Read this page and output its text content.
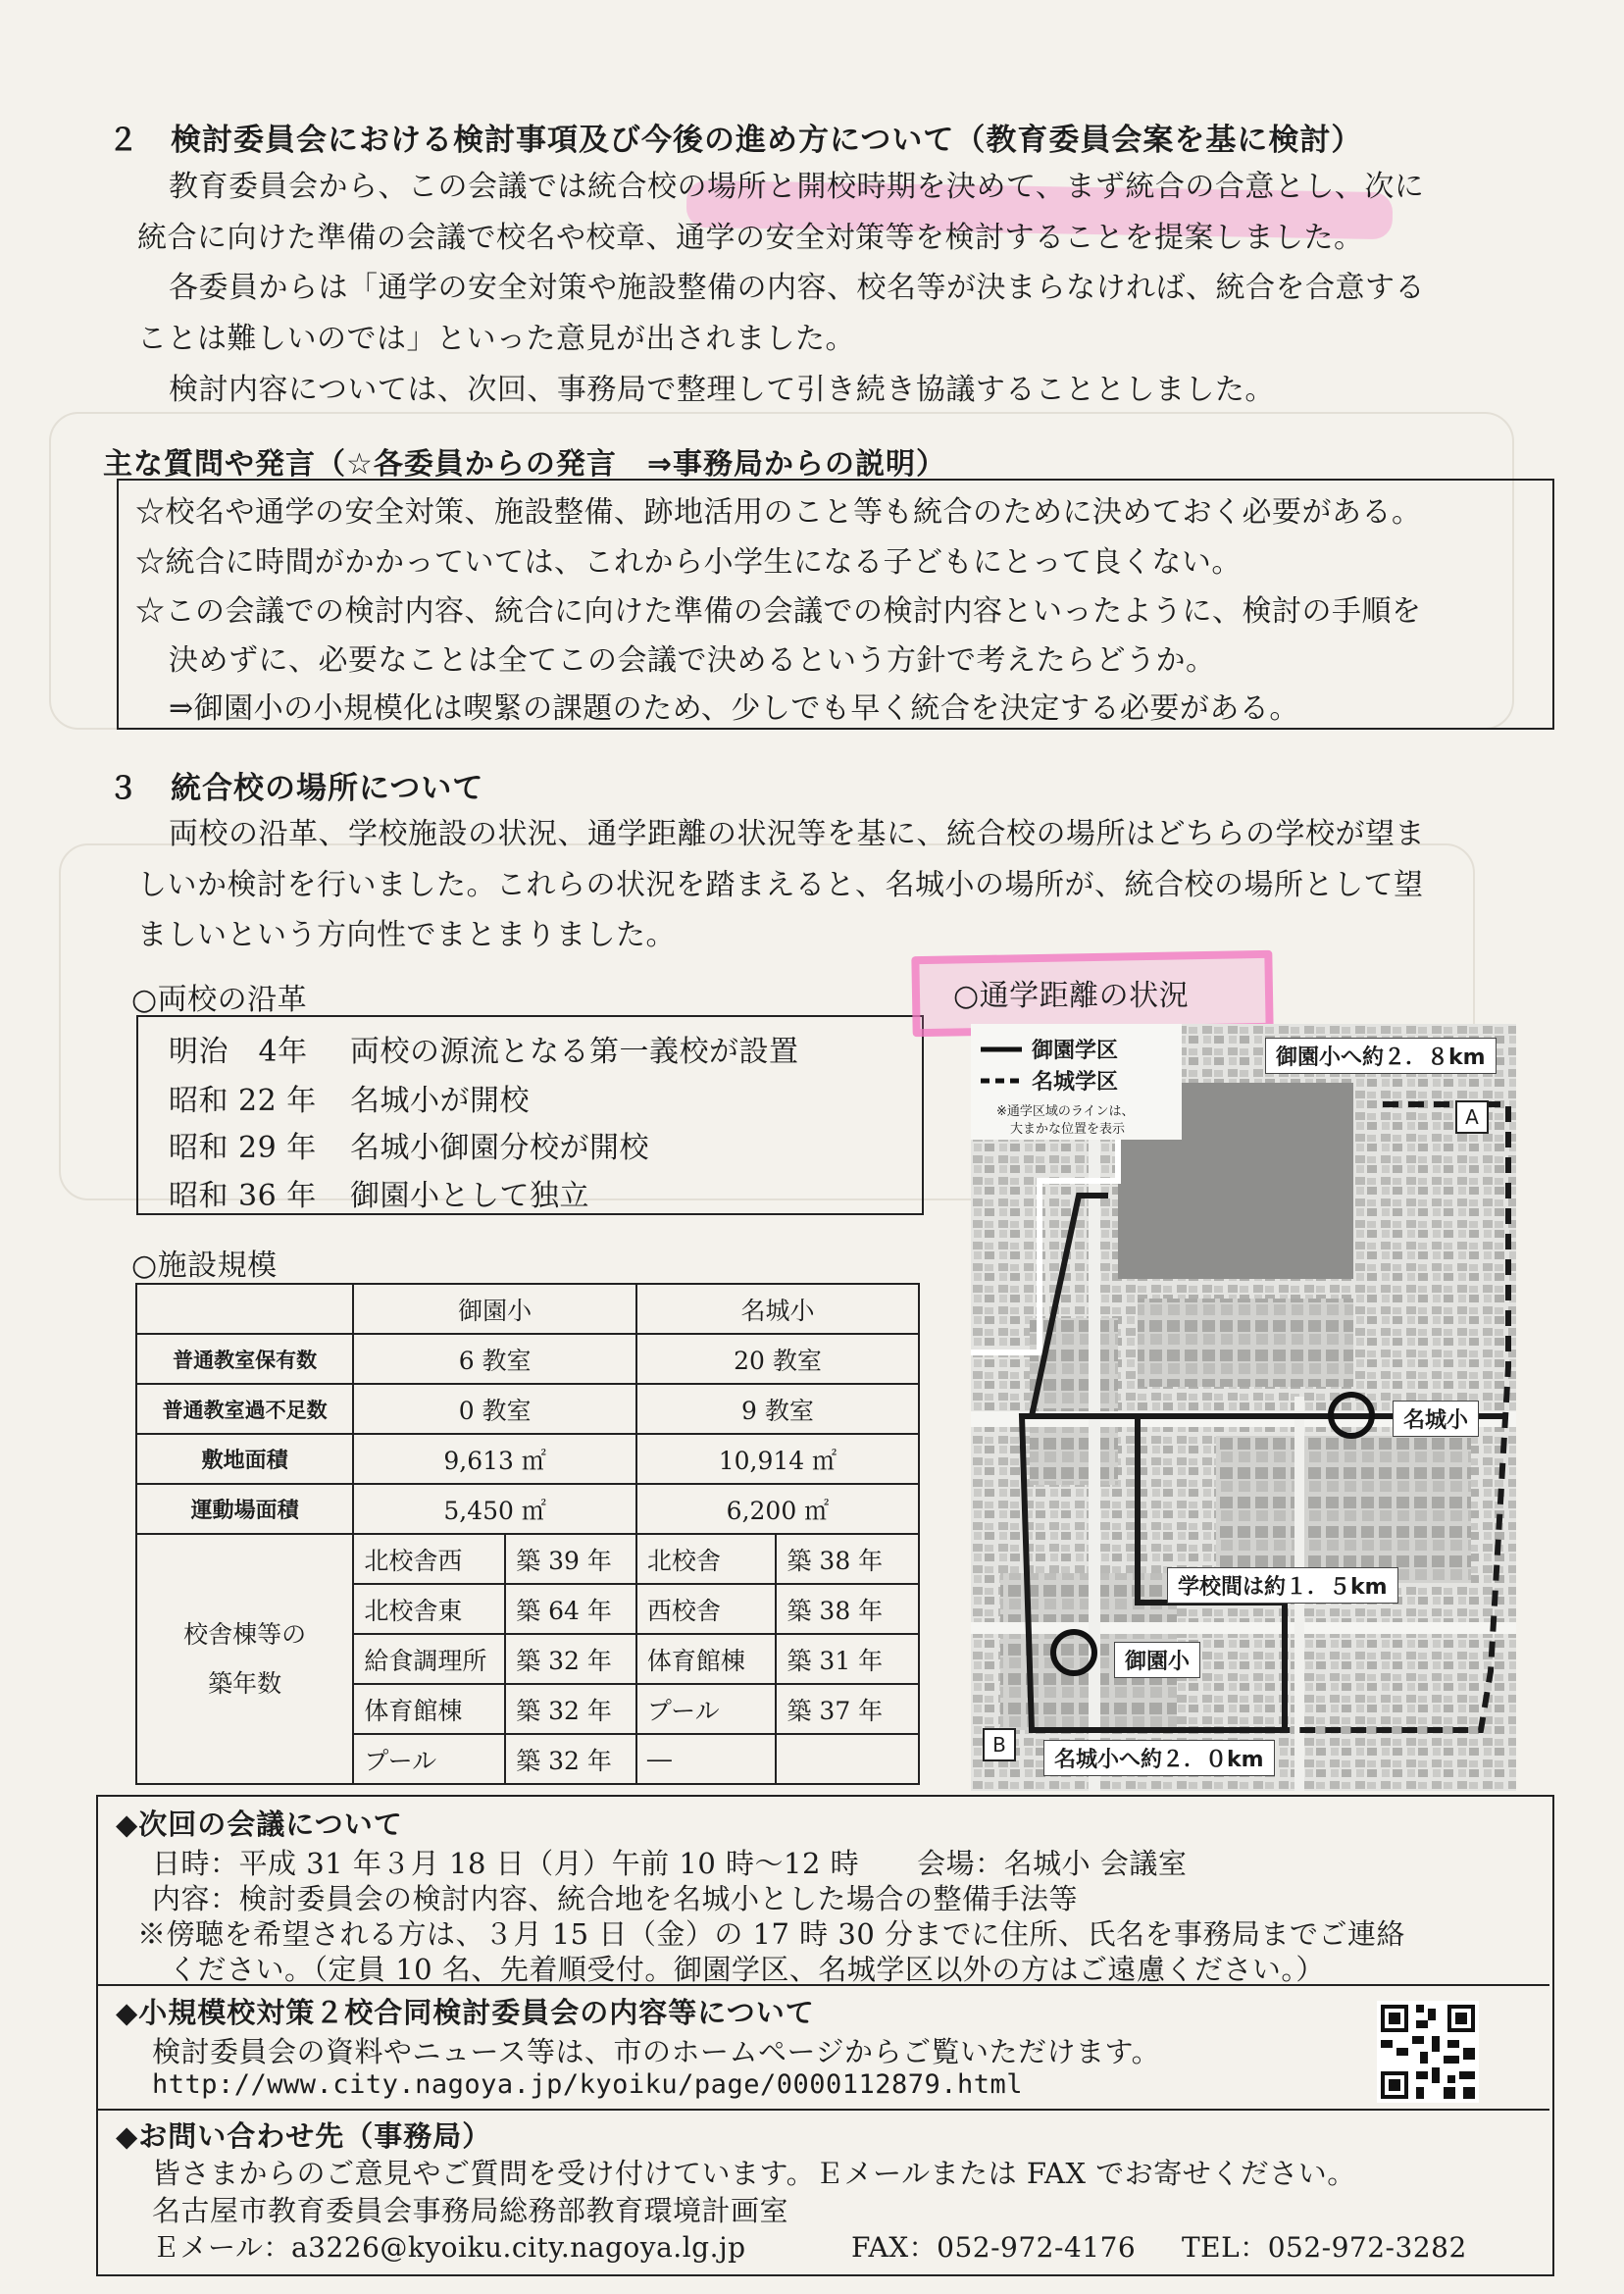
２　検討委員会における検討事項及び今後の進め方について（教育委員会案を基に検討）
教育委員会から、この会議では統合校の場所と開校時期を決めて、まず統合の合意とし、次に
統合に向けた準備の会議で校名や校章、通学の安全対策等を検討することを提案しました。
各委員からは「通学の安全対策や施設整備の内容、校名等が決まらなければ、統合を合意する
ことは難しいのでは」といった意見が出されました。
検討内容については、次回、事務局で整理して引き続き協議することとしました。
主な質問や発言（☆各委員からの発言　⇒事務局からの説明）
☆校名や通学の安全対策、施設整備、跡地活用のこと等も統合のために決めておく必要がある。
☆統合に時間がかかっていては、これから小学生になる子どもにとって良くない。
☆この会議での検討内容、統合に向けた準備の会議での検討内容といったように、検討の手順を
決めずに、必要なことは全てこの会議で決めるという方針で考えたらどうか。
⇒御園小の小規模化は喫緊の課題のため、少しでも早く統合を決定する必要がある。
３　統合校の場所について
両校の沿革、学校施設の状況、通学距離の状況等を基に、統合校の場所はどちらの学校が望ま
しいか検討を行いました。これらの状況を踏まえると、名城小の場所が、統合校の場所として望
ましいという方向性でまとまりました。
○両校の沿革
明治　4年 両校の源流となる第一義校が設置
昭和 22 年 名城小が開校
昭和 29 年 名城小御園分校が開校
昭和 36 年 御園小として独立
○施設規模
	御園小		名城小	
普通教室保有数	6 教室		20 教室	
普通教室過不足数	0 教室		9 教室	
敷地面積	9,613 ㎡		10,914 ㎡	
運動場面積	5,450 ㎡		6,200 ㎡	

校舎棟等の
築年数	北校舎西	築 39 年	北校舎	築 38 年
	北校舎東	築 64 年	西校舎	築 38 年
	給食調理所	築 32 年	体育館棟	築 31 年
	体育館棟	築 32 年	プール	築 37 年
	プール	築 32 年	―	
○通学距離の状況
御園学区
名城学区
※通学区域のラインは、
大まかな位置を表示
御園小へ約２．８km
名城小
学校間は約１．５km
御園小
名城小へ約２．０km
A
B
◆次回の会議について
日時：平成 31 年３月 18 日（月）午前 10 時～12 時　　会場：名城小 会議室
内容：検討委員会の検討内容、統合地を名城小とした場合の整備手法等
※傍聴を希望される方は、３月 15 日（金）の 17 時 30 分までに住所、氏名を事務局までご連絡
ください。（定員 10 名、先着順受付。御園学区、名城学区以外の方はご遠慮ください。）
◆小規模校対策２校合同検討委員会の内容等について
検討委員会の資料やニュース等は、市のホームページからご覧いただけます。
http://www.city.nagoya.jp/kyoiku/page/0000112879.html
◆お問い合わせ先（事務局）
皆さまからのご意見やご質問を受け付けています。Ｅメールまたは FAX でお寄せください。
名古屋市教育委員会事務局総務部教育環境計画室
Ｅメール：a3226@kyoiku.city.nagoya.lg.jp	FAX：052-972-4176 TEL：052-972-3282
